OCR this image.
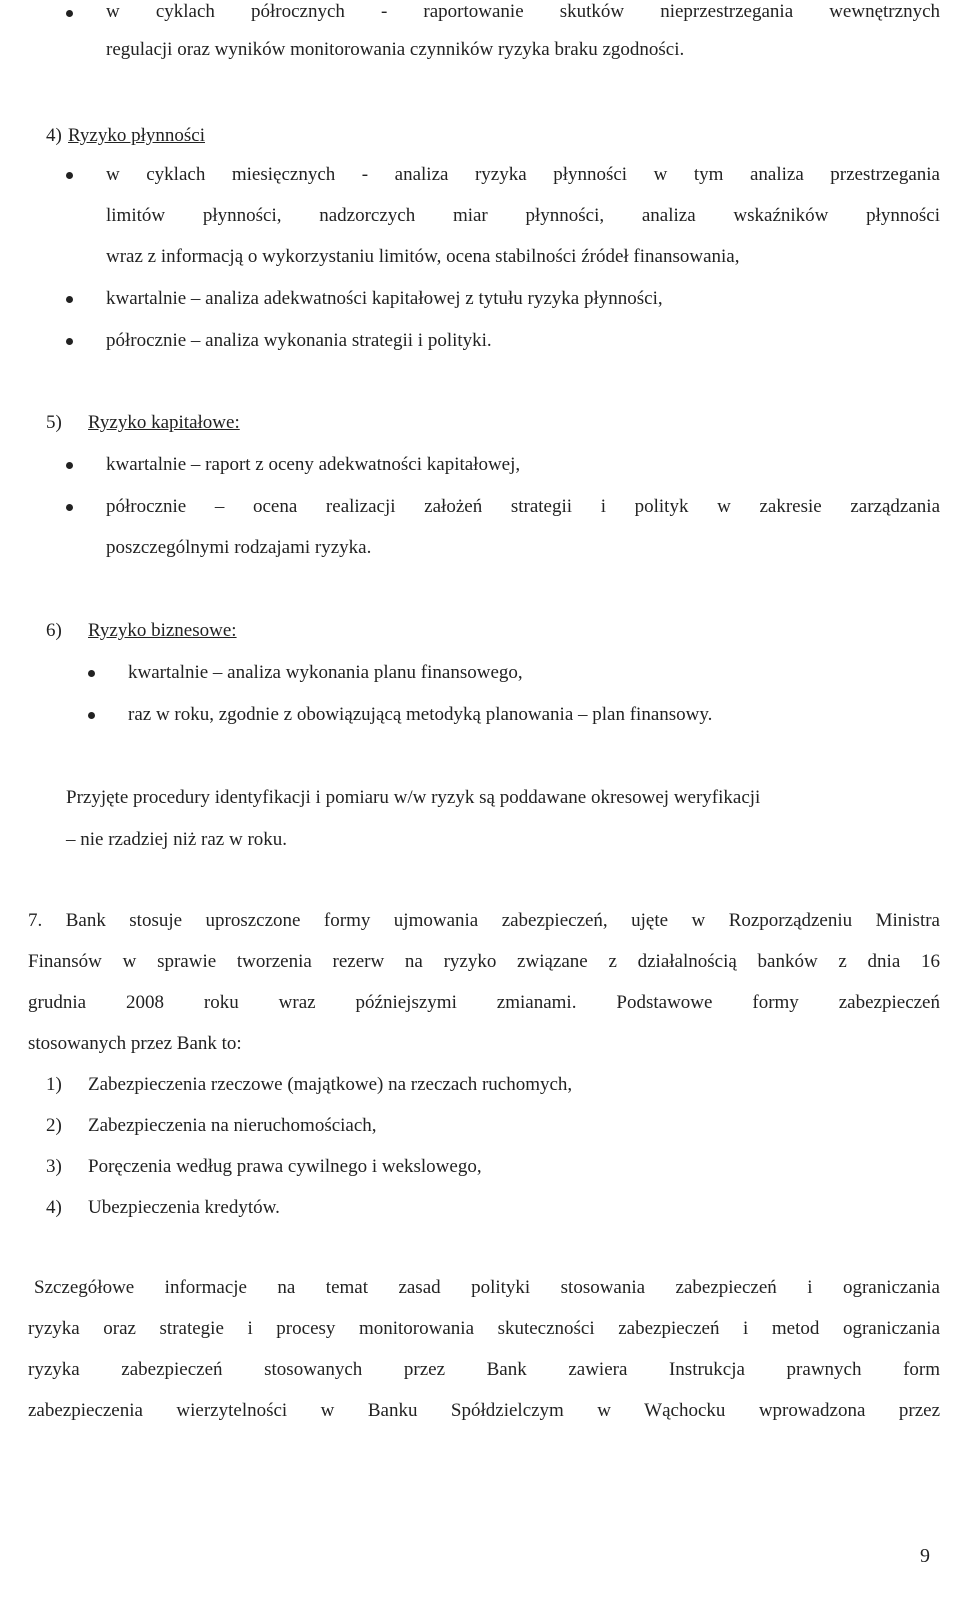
w cyklach półrocznych - raportowanie skutków nieprzestrzegania wewnętrznych
regulacji oraz wyników monitorowania czynników ryzyka braku zgodności.
4) Ryzyko płynności
w cyklach miesięcznych - analiza ryzyka płynności w tym analiza przestrzegania
limitów płynności, nadzorczych miar płynności, analiza wskaźników płynności
wraz z informacją o wykorzystaniu limitów, ocena stabilności źródeł finansowania,
kwartalnie – analiza adekwatności kapitałowej z tytułu ryzyka płynności,
półrocznie – analiza wykonania strategii i polityki.
5) Ryzyko kapitałowe:
kwartalnie – raport z oceny adekwatności kapitałowej,
półrocznie – ocena realizacji założeń strategii i polityk w zakresie zarządzania
poszczególnymi rodzajami ryzyka.
6) Ryzyko biznesowe:
kwartalnie – analiza wykonania planu finansowego,
raz w roku, zgodnie z obowiązującą metodyką planowania – plan finansowy.
Przyjęte procedury identyfikacji i pomiaru w/w ryzyk są poddawane okresowej weryfikacji
– nie rzadziej niż raz w roku.
7. Bank stosuje uproszczone formy ujmowania zabezpieczeń, ujęte w Rozporządzeniu Ministra
Finansów w sprawie tworzenia rezerw na ryzyko związane z działalnością banków z dnia 16
grudnia 2008 roku wraz późniejszymi zmianami. Podstawowe formy zabezpieczeń
stosowanych przez Bank to:
1) Zabezpieczenia rzeczowe (majątkowe) na rzeczach ruchomych,
2) Zabezpieczenia na nieruchomościach,
3) Poręczenia według prawa cywilnego i wekslowego,
4) Ubezpieczenia kredytów.
Szczegółowe informacje na temat zasad polityki stosowania zabezpieczeń i ograniczania
ryzyka oraz strategie i procesy monitorowania skuteczności zabezpieczeń i metod ograniczania
ryzyka zabezpieczeń stosowanych przez Bank zawiera Instrukcja prawnych form
zabezpieczenia wierzytelności w Banku Spółdzielczym w Wąchocku wprowadzona przez
9
